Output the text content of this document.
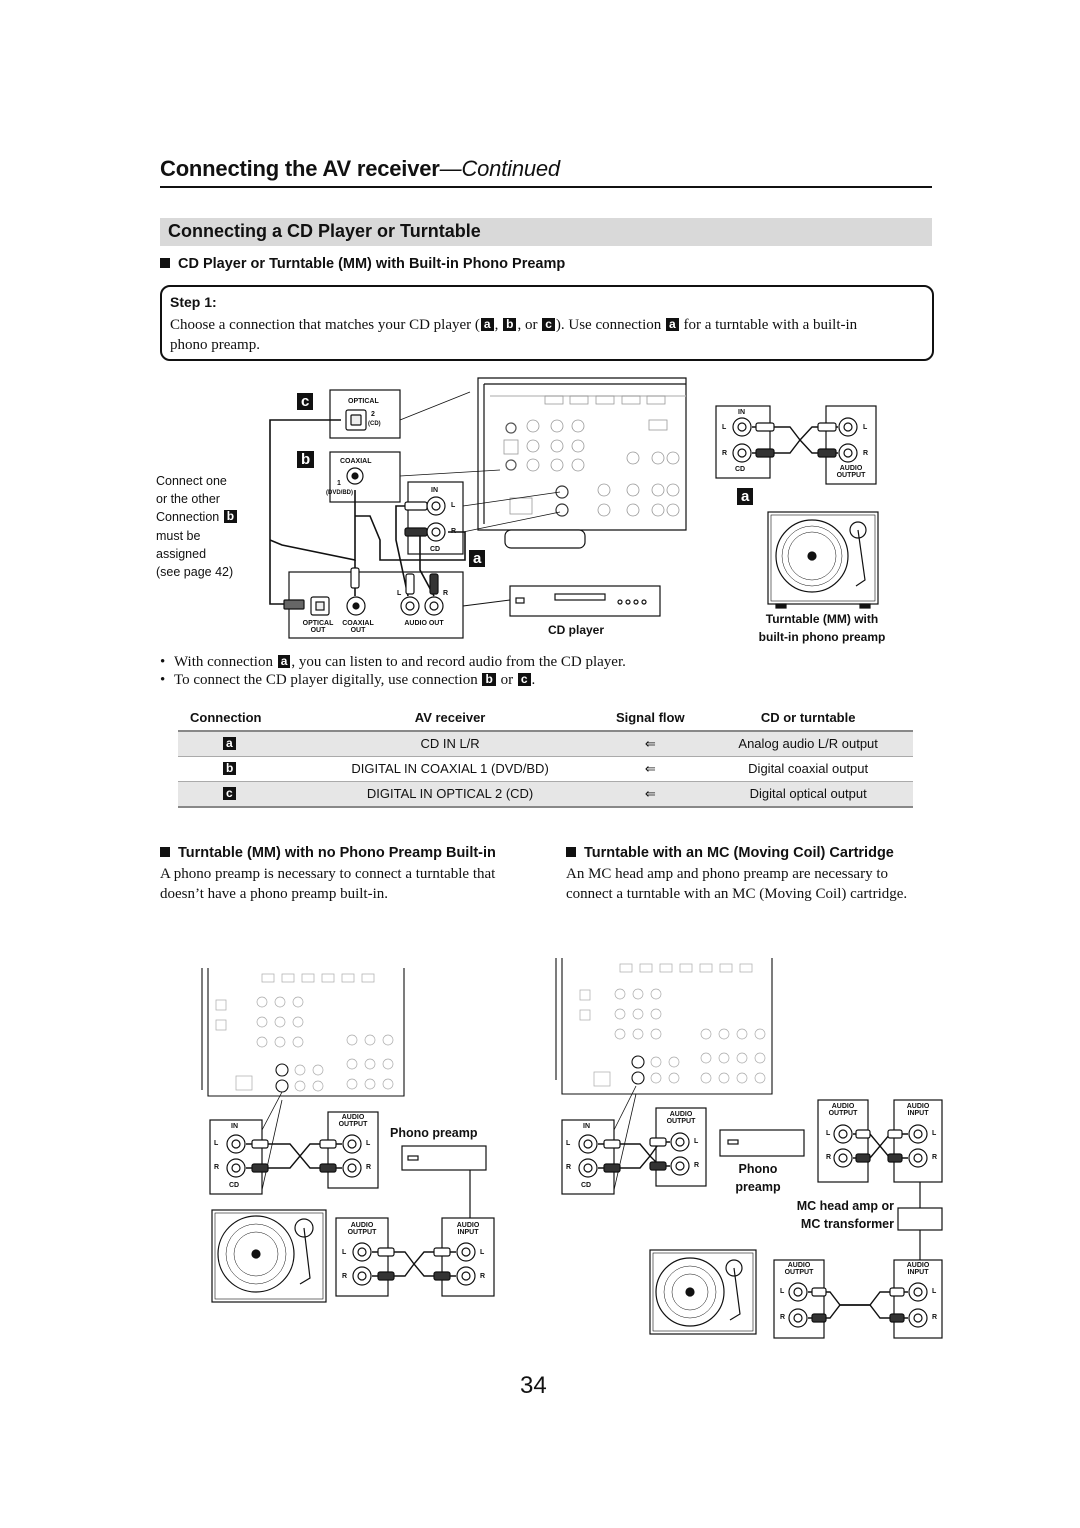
Connecting the AV receiver—Continued
Connecting a CD Player or Turntable
CD Player or Turntable (MM) with Built-in Phono Preamp
Step 1:
Choose a connection that matches your CD player ( a , b , or c ). Use connection a for a turntable with a built-in
phono preamp.
Connect one
or the other
Connection b
must be
assigned
(see page 42)
c
b
a
a
OPTICAL
2
(CD)
COAXIAL
1
(DVD/BD)	IN
L
R
CD
L	R
OPTICAL OUT
COAXIAL OUT
AUDIO OUT	CD player
IN
L
R
CD
L
R
AUDIO OUTPUT
Turntable (MM) with
built-in phono preamp
• With connection a , you can listen to and record audio from the CD player.
• To connect the CD player digitally, use connection b or c .
Connection	AV receiver	Signal flow	CD or turntable
a	CD IN L/R	⇐	Analog audio L/R output
b	DIGITAL IN COAXIAL 1 (DVD/BD)	⇐	Digital coaxial output
c	DIGITAL IN OPTICAL 2 (CD)	⇐	Digital optical output
Turntable (MM) with no Phono Preamp Built-in
A phono preamp is necessary to connect a turntable that
doesn’t have a phono preamp built-in.
Turntable with an MC (Moving Coil) Cartridge
An MC head amp and phono preamp are necessary to
connect a turntable with an MC (Moving Coil) cartridge.
IN
L
R
CD
AUDIO OUTPUT
L
R
Phono preamp
AUDIO OUTPUT
L
R
AUDIO INPUT
L
R
IN
L
R
CD
AUDIO OUTPUT
L
R	Phono
preamp
AUDIO OUTPUT
L
R
AUDIO INPUT
L
R
MC head amp or
MC transformer
AUDIO OUTPUT
L
R
AUDIO INPUT
L
R
34
